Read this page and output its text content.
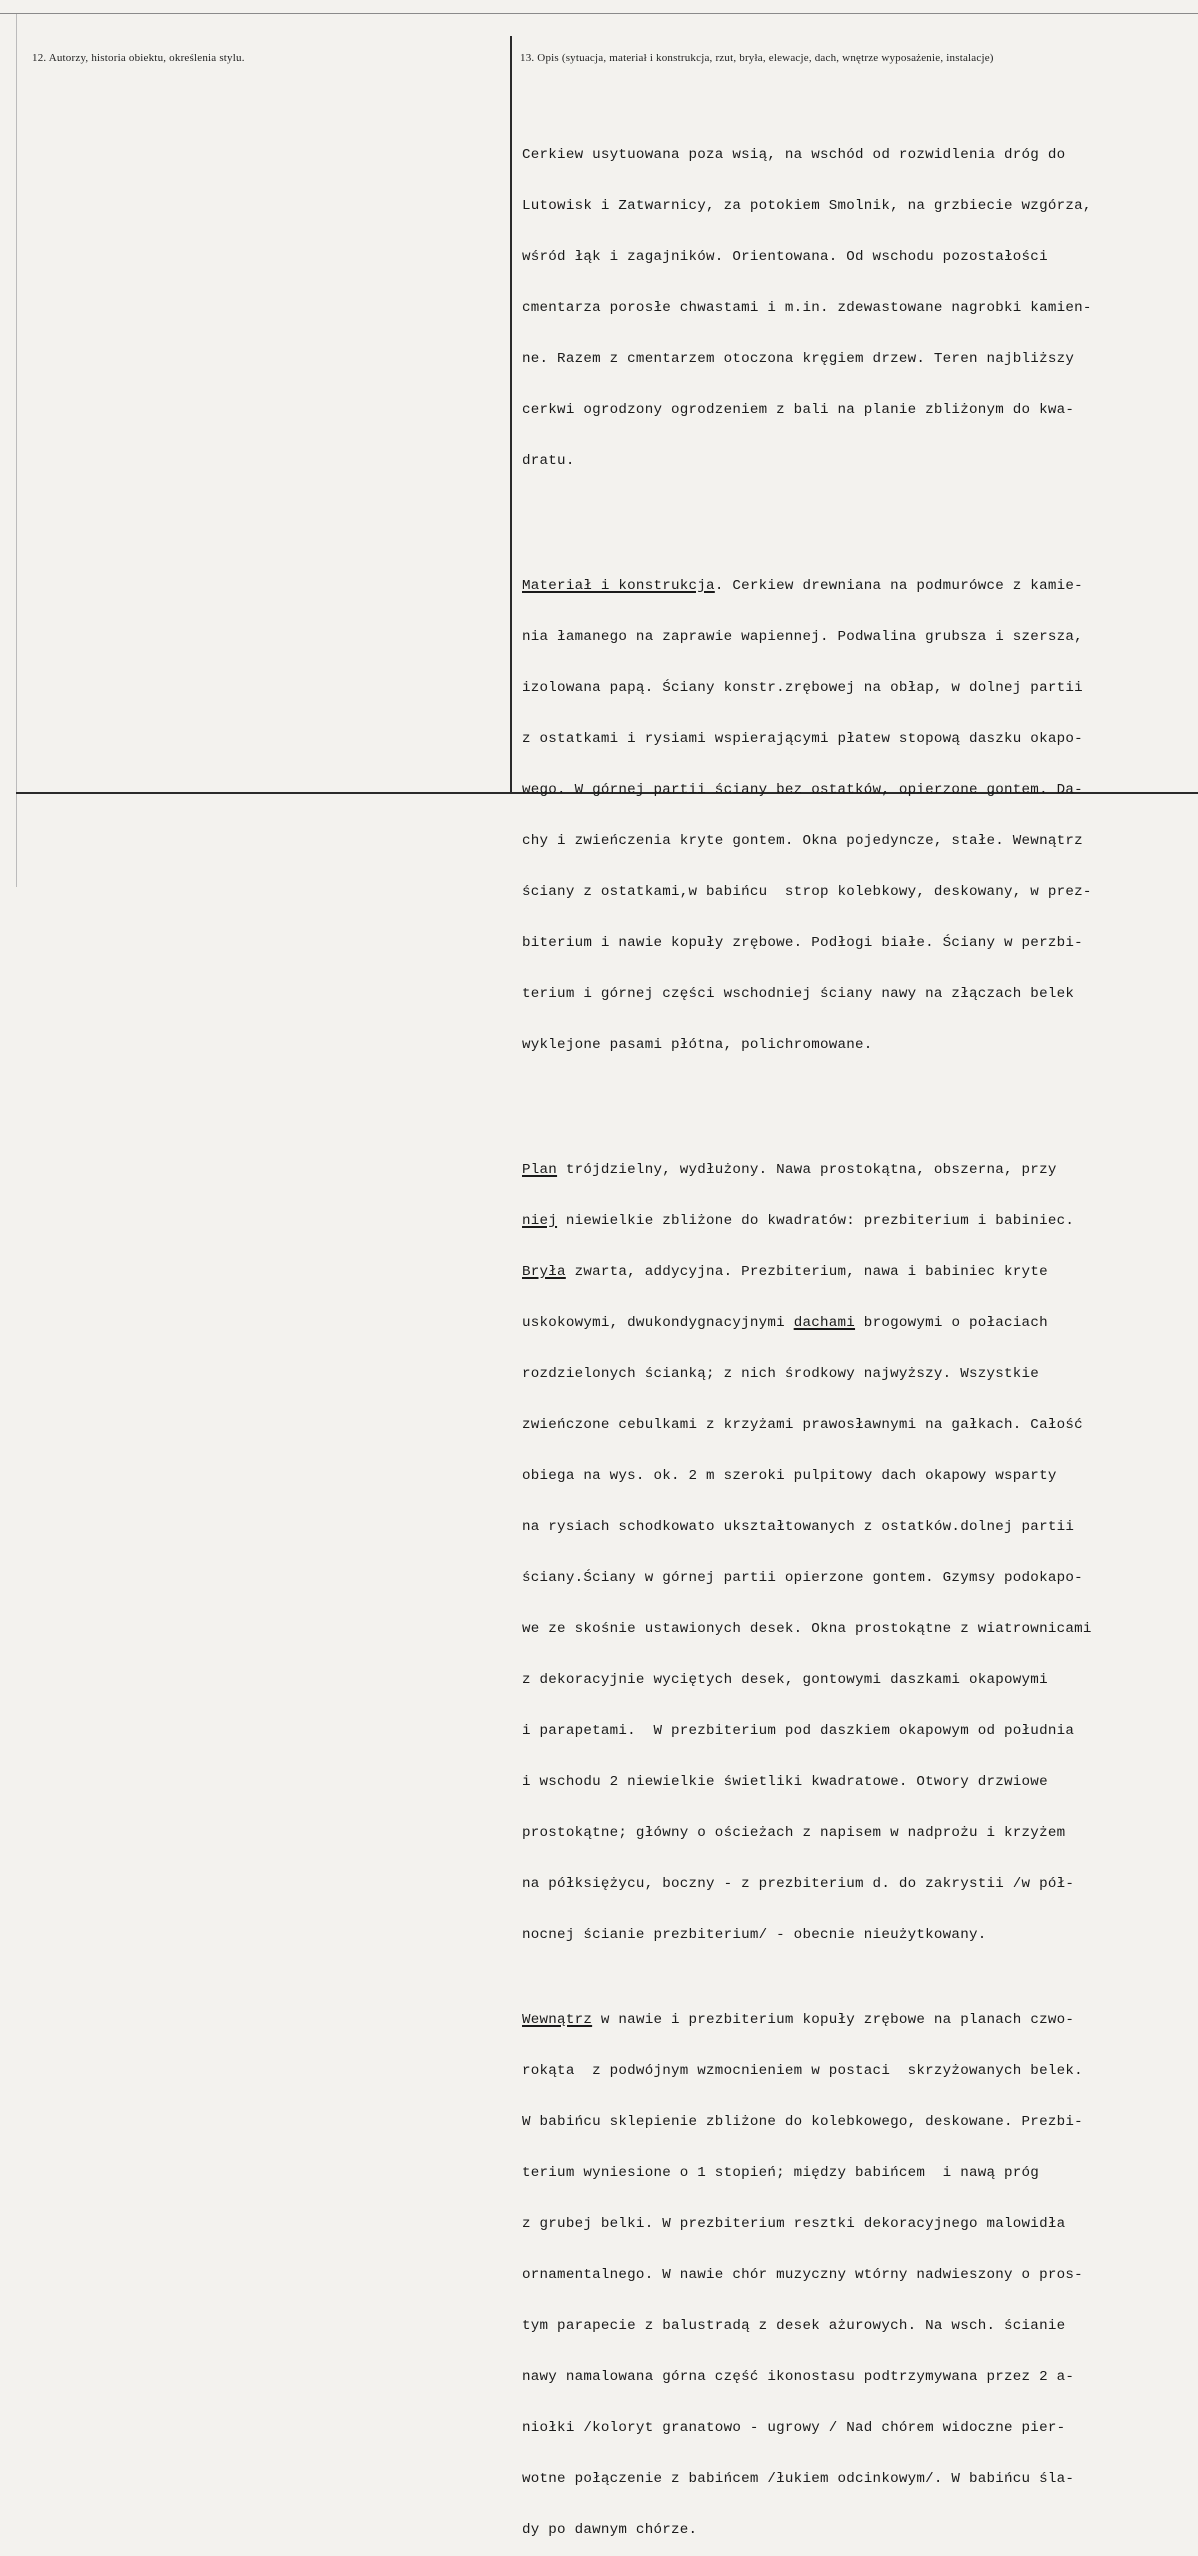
12. Autorzy, historia obiektu, określenia stylu.	13. Opis (sytuacja, materiał i konstrukcja, rzut, bryła, elewacje, dach, wnętrze wyposażenie, instalacje)

Cerkiew usytuowana poza wsią, na wschód od rozwidlenia dróg do

Lutowisk i Zatwarnicy, za potokiem Smolnik, na grzbiecie wzgórza,

wśród łąk i zagajników. Orientowana. Od wschodu pozostałości

cmentarza porosłe chwastami i m.in. zdewastowane nagrobki kamien-

ne. Razem z cmentarzem otoczona kręgiem drzew. Teren najbliższy

cerkwi ogrodzony ogrodzeniem z bali na planie zbliżonym do kwa-

dratu.

Materiał i konstrukcja. Cerkiew drewniana na podmurówce z kamie-

nia łamanego na zaprawie wapiennej. Podwalina grubsza i szersza,

izolowana papą. Ściany konstr.zrębowej na obłap, w dolnej partii

z ostatkami i rysiami wspierającymi płatew stopową daszku okapo-

wego. W górnej partii ściany bez ostatków, opierzone gontem. Da-

chy i zwieńczenia kryte gontem. Okna pojedyncze, stałe. Wewnątrz

ściany z ostatkami,w babińcu  strop kolebkowy, deskowany, w prez-

biterium i nawie kopuły zrębowe. Podłogi białe. Ściany w perzbi-

terium i górnej części wschodniej ściany nawy na złączach belek

wyklejone pasami płótna, polichromowane.

Plan trójdzielny, wydłużony. Nawa prostokątna, obszerna, przy

niej niewielkie zbliżone do kwadratów: prezbiterium i babiniec.

Bryła zwarta, addycyjna. Prezbiterium, nawa i babiniec kryte

uskokowymi, dwukondygnacyjnymi dachami brogowymi o połaciach

rozdzielonych ścianką; z nich środkowy najwyższy. Wszystkie

zwieńczone cebulkami z krzyżami prawosławnymi na gałkach. Całość

obiega na wys. ok. 2 m szeroki pulpitowy dach okapowy wsparty

na rysiach schodkowato ukształtowanych z ostatków.dolnej partii

ściany.Ściany w górnej partii opierzone gontem. Gzymsy podokapo-

we ze skośnie ustawionych desek. Okna prostokątne z wiatrownicami

z dekoracyjnie wyciętych desek, gontowymi daszkami okapowymi

i parapetami.  W prezbiterium pod daszkiem okapowym od południa

i wschodu 2 niewielkie świetliki kwadratowe. Otwory drzwiowe

prostokątne; główny o ościeżach z napisem w nadprożu i krzyżem

na półksiężycu, boczny - z prezbiterium d. do zakrystii /w pół-

nocnej ścianie prezbiterium/ - obecnie nieużytkowany.

Wewnątrz w nawie i prezbiterium kopuły zrębowe na planach czwo-

rokąta  z podwójnym wzmocnieniem w postaci  skrzyżowanych belek.

W babińcu sklepienie zbliżone do kolebkowego, deskowane. Prezbi-

terium wyniesione o 1 stopień; między babińcem  i nawą próg

z grubej belki. W prezbiterium resztki dekoracyjnego malowidła

ornamentalnego. W nawie chór muzyczny wtórny nadwieszony o pros-

tym parapecie z balustradą z desek ażurowych. Na wsch. ścianie

nawy namalowana górna część ikonostasu podtrzymywana przez 2 a-

niołki /koloryt granatowo - ugrowy / Nad chórem widoczne pier-

wotne połączenie z babińcem /łukiem odcinkowym/. W babińcu śla-

dy po dawnym chórze.
